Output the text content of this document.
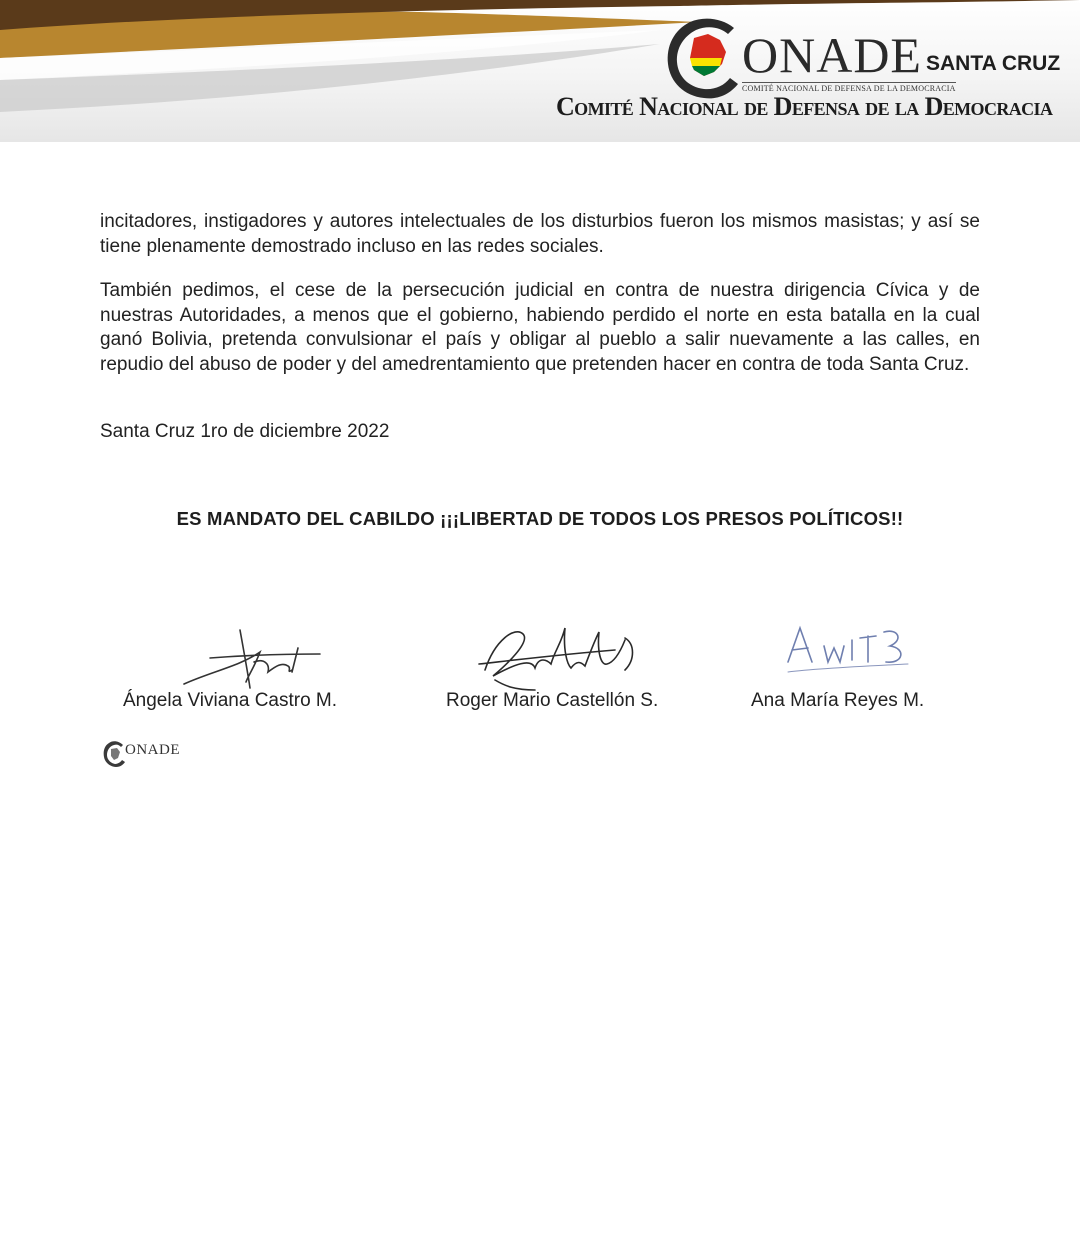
ONADE
COMITÉ NACIONAL DE DEFENSA DE LA DEMOCRACIA
SANTA CRUZ
Comité Nacional de Defensa de la Democracia
incitadores, instigadores y autores intelectuales de los disturbios fueron los mismos masistas; y así se tiene plenamente demostrado incluso en las redes sociales.
También pedimos, el cese de la persecución judicial en contra de nuestra dirigencia Cívica y de nuestras Autoridades, a menos que el gobierno, habiendo perdido el norte en esta batalla en la cual ganó Bolivia, pretenda convulsionar el país y obligar al pueblo a salir nuevamente a las calles, en repudio del abuso de poder y del amedrentamiento que pretenden hacer en contra de toda Santa Cruz.
Santa Cruz 1ro de diciembre 2022
ES MANDATO DEL CABILDO ¡¡¡LIBERTAD DE TODOS LOS PRESOS POLÍTICOS!!
Ángela Viviana Castro M.	Roger Mario Castellón S.	Ana María Reyes M.
ONADE
